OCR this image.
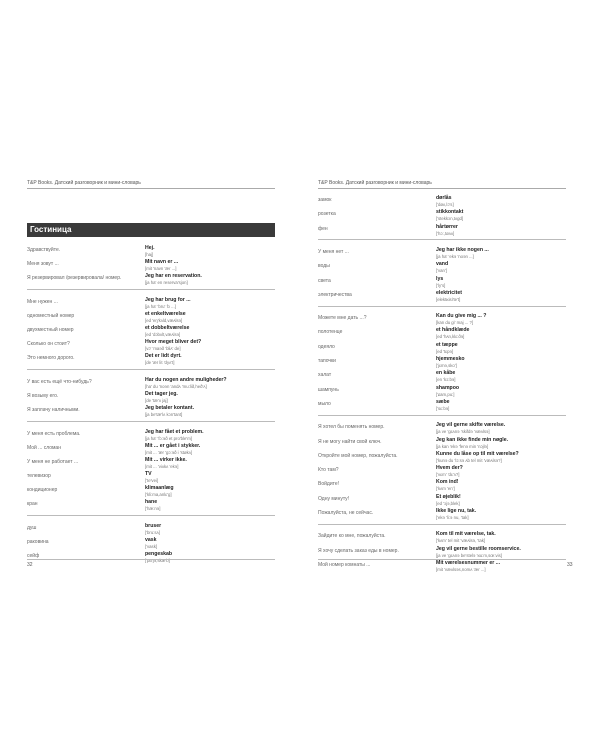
T&P Books. Датский разговорник и мини-словарь
Гостиница
Здравствуйте.	Hej.
[haj]
Меня зовут ...	Mit navn er ...
[mit 'navn 'ær ...]
Я резервировал /резервировала/ номер.	Jeg har en reservation.
[ja ha' en reserva'sjon]
Мне нужен ...	Jeg har brug for ...
[ja ha' 'bru' fɔ ...]
одноместный номер	et enkeltværelse
[ed 'eŋ'kʌld,væʌlsə]
двухместный номер	et dobbeltværelse
[ed 'dɔbʌlt,væʌlsə]
Сколько он стоит?	Hvor meget bliver det?
[vɔ' 'maəð 'bliʌ' de]
Это немного дорого.	Det er lidt dyrt.
[de 'ær lit 'dyʌ't]
У вас есть ещё что-нибудь?	Har du nogen andre muligheder?
[ha' du 'noən 'andʌ 'mu:lið,heð'ʌ]
Я возьму его.	Det tager jeg.
[de 'tæ'ʌ jaj]
Я заплачу наличными.	Jeg betaler kontant.
[ja be'tæ'lʌ kɔn'tant]
У меня есть проблема.	Jeg har fået et problem.
[ja ha' 'fɔ:əð et pro'ble'm]
Мой ... сломан	Mit ... er gået i stykker.
[mit ... 'ær 'gɔ:əð i 'støkʌ]
У меня не работает ...	Mit ... virker ikke.
[mit ... 'viʌkʌ 'ekə]
телевизор	TV
['te'vei]
кондиционер	klimaanlæg
['kli:ma,anlɛ'g]
кран	hane
['hæ:nə]
душ	bruser
['bru:sʌ]
раковина	vask
['vask]
сейф	pengeskab
['pɛŋə,skæ'b]
T&P Books. Датский разговорник и мини-словарь
замок	dørlås
['døʌ,lɔ's]
розетка	stikkontakt
['stekkɔn,tʌgd]
фен	hårtørrer
['hɔ:,tøʌʌ]
У меня нет ...	Jeg har ikke nogen ...
[ja ha' 'ekə 'noən ...]
воды	vand
['van']
света	lys
['ly's]
электричества	elektricitet
[elektʁisi'te't]
Можете мне дать ...?	Kan du give mig ... ?
[kan du gi' maj ... ?]
полотенце	et håndklæde
[ed 'hʌn,klɛ:ðə]
одеяло	et tæppe
[ed 'tɛpə]
тапочки	hjemmesko
['jɛmə,sko']
халат	en kåbe
[en 'kɔ:bə]
шампунь	shampoo
['ɕam,pu:]
мыло	sæbe
['sɛ:bə]
Я хотел бы поменять номер.	Jeg vil gerne skifte værelse.
[ja ve 'gɛʌnə 'skifdə 'væʌlsə]
Я не могу найти свой ключ.	Jeg kan ikke finde min nøgle.
[ja kan 'ekə 'fenə min 'nɔjlə]
Откройте мой номер, пожалуйста.	Kunne du låse op til mit værelse?
['kunə du 'lɔ:sə ʌb tel mit 'væʌlsə?]
Кто там?	Hvem der?
['vɛm' 'dɛ'ʌ?]
Войдите!	Kom ind!
['kʌm 'en']
Одну минуту!	Et øjeblik!
[ed 'ɔjə,blek]
Пожалуйста, не сейчас.	Ikke lige nu, tak.
['ekə 'li:ə nu, 'tak]
Зайдите ко мне, пожалуйста.	Kom til mit værelse, tak.
['kʌm' tel mit 'væʌlsə, 'tak]
Я хочу сделать заказ еды в номер.	Jeg vil gerne bestille roomservice.
[ja ve 'gɛʌnə be'stelə 'ʁu:m,sœ:vis]
Мой номер комнаты ...	Mit værelsesnummer er ...
[mit 'væʌlsəs,nomʌ 'ær ...]
32	33
